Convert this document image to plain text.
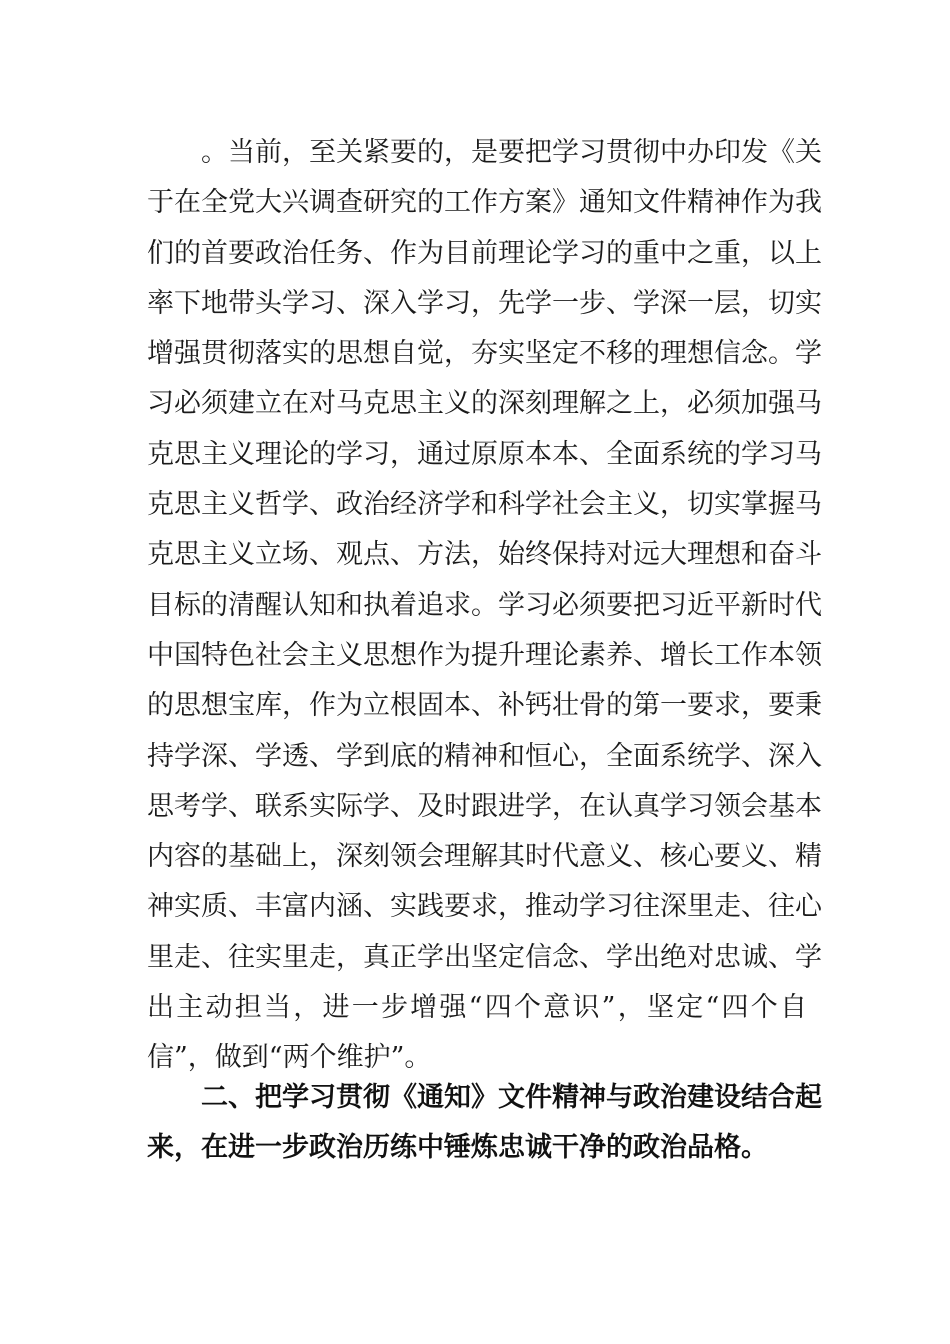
。当前，至关紧要的，是要把学习贯彻中办印发《关
于在全党大兴调查研究的工作方案》通知文件精神作为我
们的首要政治任务、作为目前理论学习的重中之重，以上
率下地带头学习、深入学习，先学一步、学深一层，切实
增强贯彻落实的思想自觉，夯实坚定不移的理想信念。学
习必须建立在对马克思主义的深刻理解之上，必须加强马
克思主义理论的学习，通过原原本本、全面系统的学习马
克思主义哲学、政治经济学和科学社会主义，切实掌握马
克思主义立场、观点、方法，始终保持对远大理想和奋斗
目标的清醒认知和执着追求。学习必须要把习近平新时代
中国特色社会主义思想作为提升理论素养、增长工作本领
的思想宝库，作为立根固本、补钙壮骨的第一要求，要秉
持学深、学透、学到底的精神和恒心，全面系统学、深入
思考学、联系实际学、及时跟进学，在认真学习领会基本
内容的基础上，深刻领会理解其时代意义、核心要义、精
神实质、丰富内涵、实践要求，推动学习往深里走、往心
里走、往实里走，真正学出坚定信念、学出绝对忠诚、学
出主动担当，进一步增强“四个意识”，坚定“四个自
信”，做到“两个维护”。
二、把学习贯彻《通知》文件精神与政治建设结合起
来，在进一步政治历练中锤炼忠诚干净的政治品格。
